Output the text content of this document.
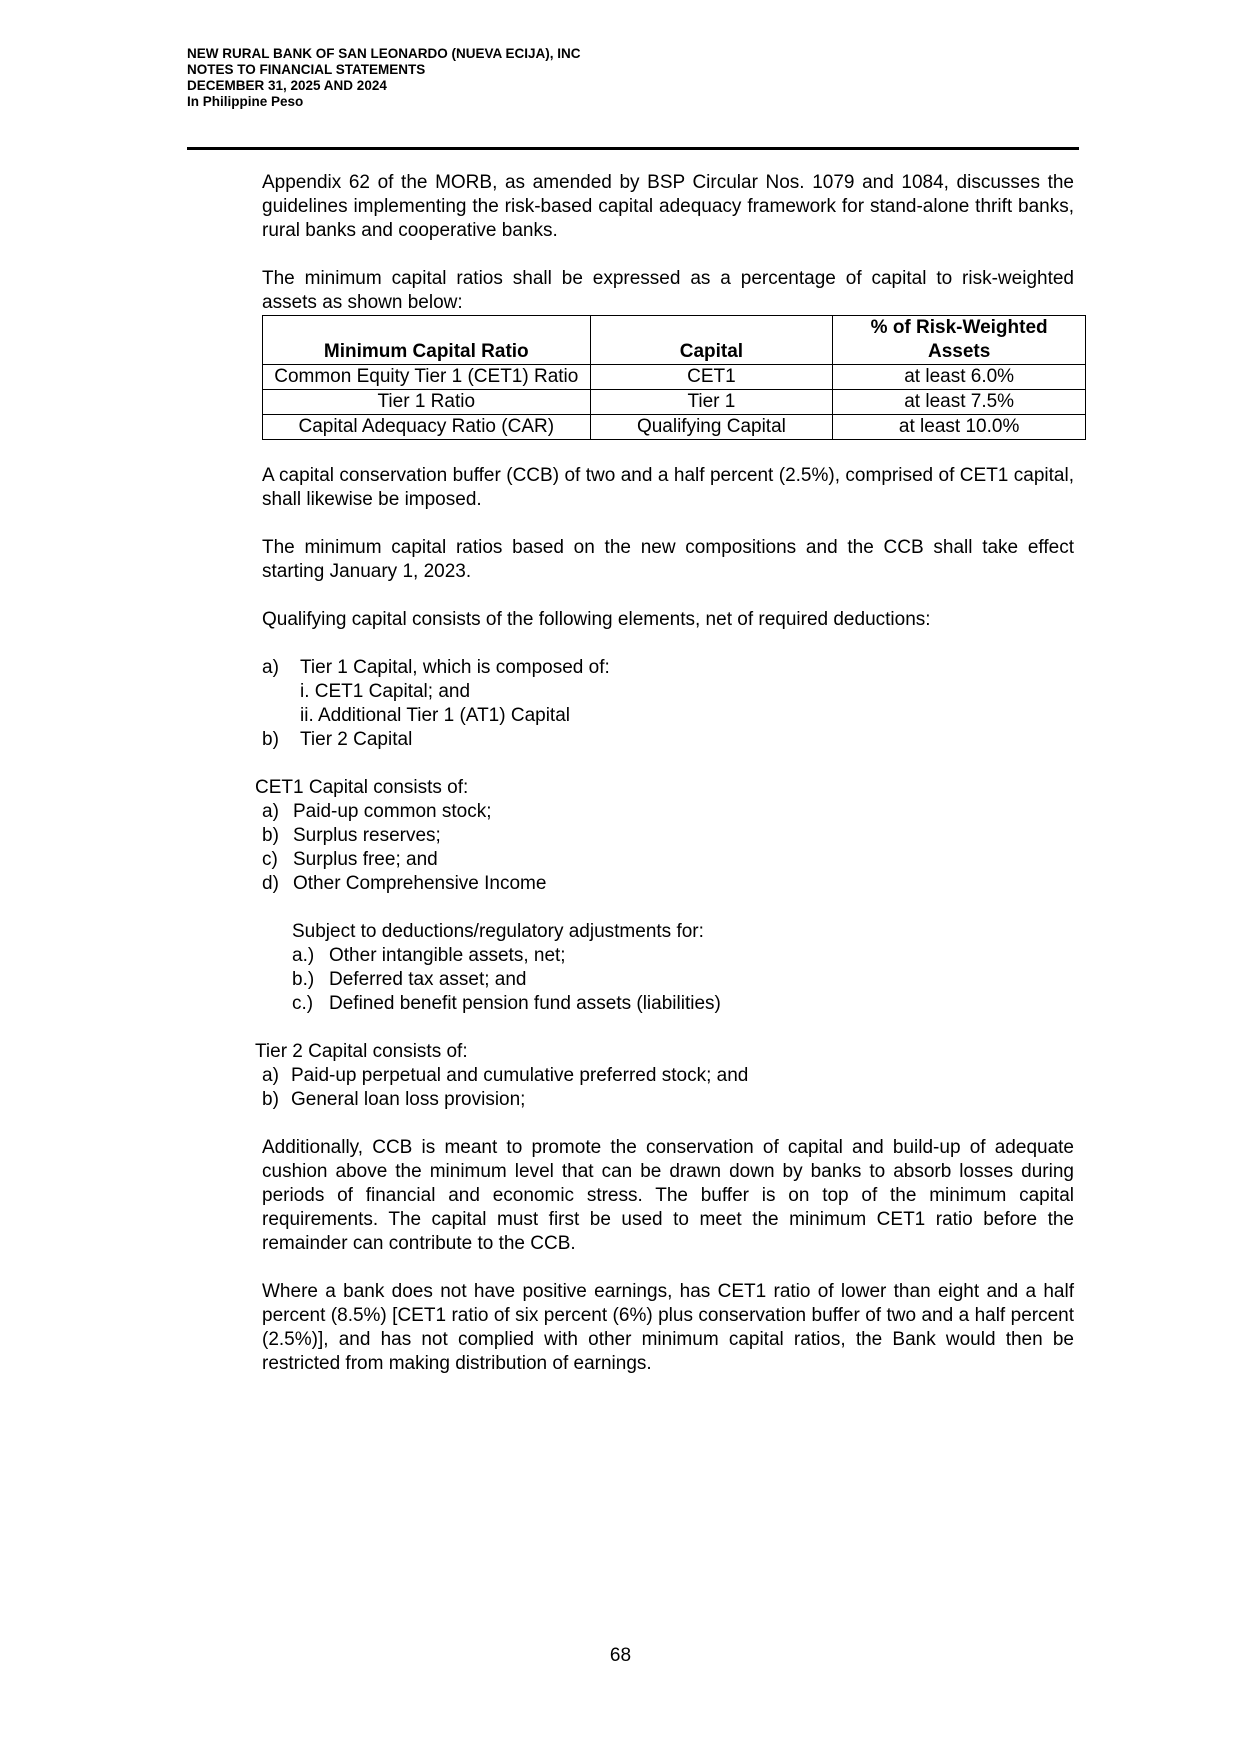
NEW RURAL BANK OF SAN LEONARDO (NUEVA ECIJA), INC
NOTES TO FINANCIAL STATEMENTS
DECEMBER 31, 2025 AND 2024
In Philippine Peso

Appendix 62 of the MORB, as amended by BSP Circular Nos. 1079 and 1084, discusses the guidelines implementing the risk-based capital adequacy framework for stand-alone thrift banks, rural banks and cooperative banks.

The minimum capital ratios shall be expressed as a percentage of capital to risk-weighted assets as shown below:

Minimum Capital Ratio	Capital	% of Risk-Weighted Assets
Common Equity Tier 1 (CET1) Ratio	CET1	at least 6.0%
Tier 1 Ratio	Tier 1	at least 7.5%
Capital Adequacy Ratio (CAR)	Qualifying Capital	at least 10.0%

A capital conservation buffer (CCB) of two and a half percent (2.5%), comprised of CET1 capital, shall likewise be imposed.

The minimum capital ratios based on the new compositions and the CCB shall take effect starting January 1, 2023.

Qualifying capital consists of the following elements, net of required deductions:

a) Tier 1 Capital, which is composed of:
i. CET1 Capital; and
ii. Additional Tier 1 (AT1) Capital
b) Tier 2 Capital

CET1 Capital consists of:

a) Paid-up common stock;
b) Surplus reserves;
c) Surplus free; and
d) Other Comprehensive Income
Subject to deductions/regulatory adjustments for:
a.) Other intangible assets, net;
b.) Deferred tax asset; and
c.) Defined benefit pension fund assets (liabilities)

Tier 2 Capital consists of:

a) Paid-up perpetual and cumulative preferred stock; and
b) General loan loss provision;

Additionally, CCB is meant to promote the conservation of capital and build-up of adequate cushion above the minimum level that can be drawn down by banks to absorb losses during periods of financial and economic stress. The buffer is on top of the minimum capital requirements. The capital must first be used to meet the minimum CET1 ratio before the remainder can contribute to the CCB.

Where a bank does not have positive earnings, has CET1 ratio of lower than eight and a half percent (8.5%) [CET1 ratio of six percent (6%) plus conservation buffer of two and a half percent (2.5%)], and has not complied with other minimum capital ratios, the Bank would then be restricted from making distribution of earnings.

68
